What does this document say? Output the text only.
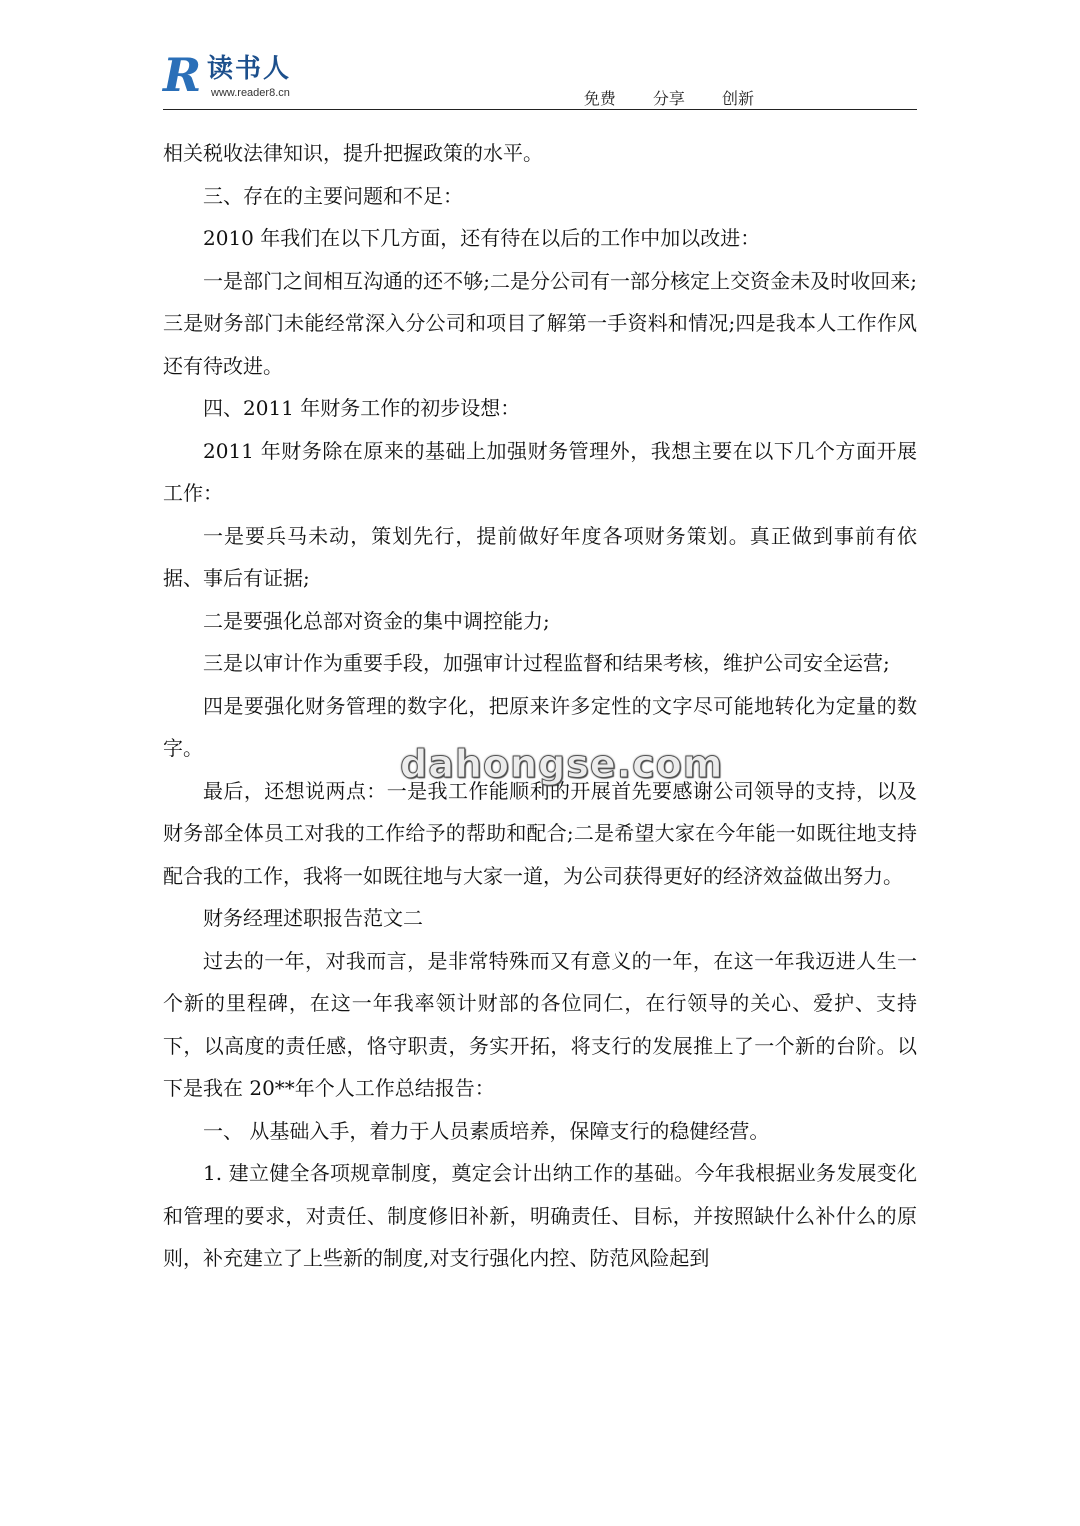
R 读书人
www.reader8.cn	免费 分享 创新

相关税收法律知识，提升把握政策的水平。

三、存在的主要问题和不足：

2010 年我们在以下几方面，还有待在以后的工作中加以改进：

一是部门之间相互沟通的还不够;二是分公司有一部分核定上交资金未及时收回来;三是财务部门未能经常深入分公司和项目了解第一手资料和情况;四是我本人工作作风还有待改进。

四、2011 年财务工作的初步设想：

2011 年财务除在原来的基础上加强财务管理外，我想主要在以下几个方面开展工作：

一是要兵马未动，策划先行，提前做好年度各项财务策划。真正做到事前有依据、事后有证据;

二是要强化总部对资金的集中调控能力;

三是以审计作为重要手段，加强审计过程监督和结果考核，维护公司安全运营;

四是要强化财务管理的数字化，把原来许多定性的文字尽可能地转化为定量的数字。

最后，还想说两点：一是我工作能顺利的开展首先要感谢公司领导的支持，以及财务部全体员工对我的工作给予的帮助和配合;二是希望大家在今年能一如既往地支持配合我的工作，我将一如既往地与大家一道，为公司获得更好的经济效益做出努力。

财务经理述职报告范文二

过去的一年，对我而言，是非常特殊而又有意义的一年，在这一年我迈进人生一个新的里程碑，在这一年我率领计财部的各位同仁，在行领导的关心、爱护、支持下，以高度的责任感，恪守职责，务实开拓，将支行的发展推上了一个新的台阶。以下是我在 20**年个人工作总结报告：

一、 从基础入手，着力于人员素质培养，保障支行的稳健经营。

1. 建立健全各项规章制度，奠定会计出纳工作的基础。今年我根据业务发展变化和管理的要求，对责任、制度修旧补新，明确责任、目标，并按照缺什么补什么的原则，补充建立了上些新的制度,对支行强化内控、防范风险起到

dahongse.com
